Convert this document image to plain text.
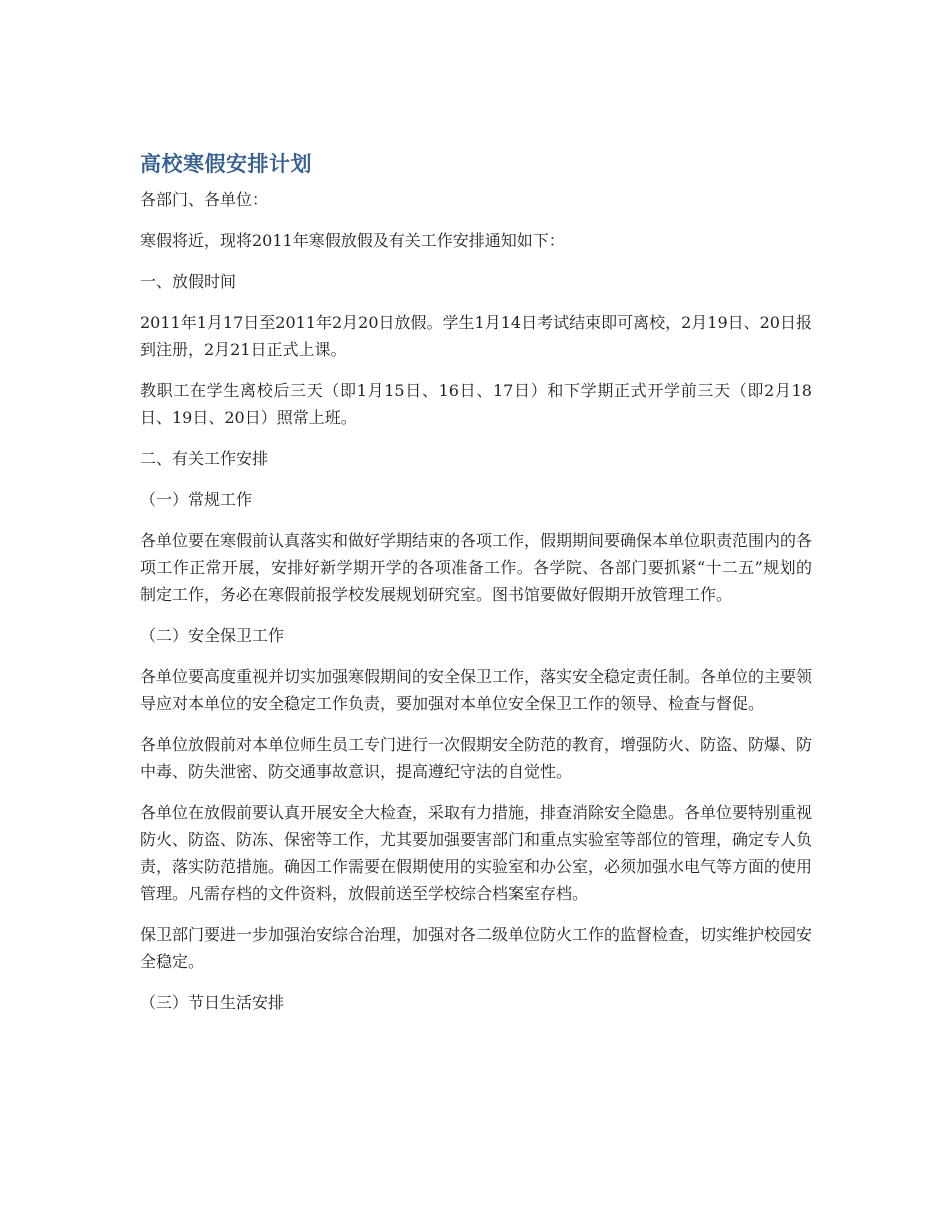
高校寒假安排计划

各部门、各单位：

寒假将近，现将2011年寒假放假及有关工作安排通知如下：

一、放假时间

2011年1月17日至2011年2月20日放假。学生1月14日考试结束即可离校，2月19日、20日报到注册，2月21日正式上课。

教职工在学生离校后三天（即1月15日、16日、17日）和下学期正式开学前三天（即2月18日、19日、20日）照常上班。

二、有关工作安排

（一）常规工作

各单位要在寒假前认真落实和做好学期结束的各项工作，假期期间要确保本单位职责范围内的各项工作正常开展，安排好新学期开学的各项准备工作。各学院、各部门要抓紧“十二五”规划的制定工作，务必在寒假前报学校发展规划研究室。图书馆要做好假期开放管理工作。

（二）安全保卫工作

各单位要高度重视并切实加强寒假期间的安全保卫工作，落实安全稳定责任制。各单位的主要领导应对本单位的安全稳定工作负责，要加强对本单位安全保卫工作的领导、检查与督促。

各单位放假前对本单位师生员工专门进行一次假期安全防范的教育，增强防火、防盗、防爆、防中毒、防失泄密、防交通事故意识，提高遵纪守法的自觉性。

各单位在放假前要认真开展安全大检查，采取有力措施，排查消除安全隐患。各单位要特别重视防火、防盗、防冻、保密等工作，尤其要加强要害部门和重点实验室等部位的管理，确定专人负责，落实防范措施。确因工作需要在假期使用的实验室和办公室，必须加强水电气等方面的使用管理。凡需存档的文件资料，放假前送至学校综合档案室存档。

保卫部门要进一步加强治安综合治理，加强对各二级单位防火工作的监督检查，切实维护校园安全稳定。

（三）节日生活安排
